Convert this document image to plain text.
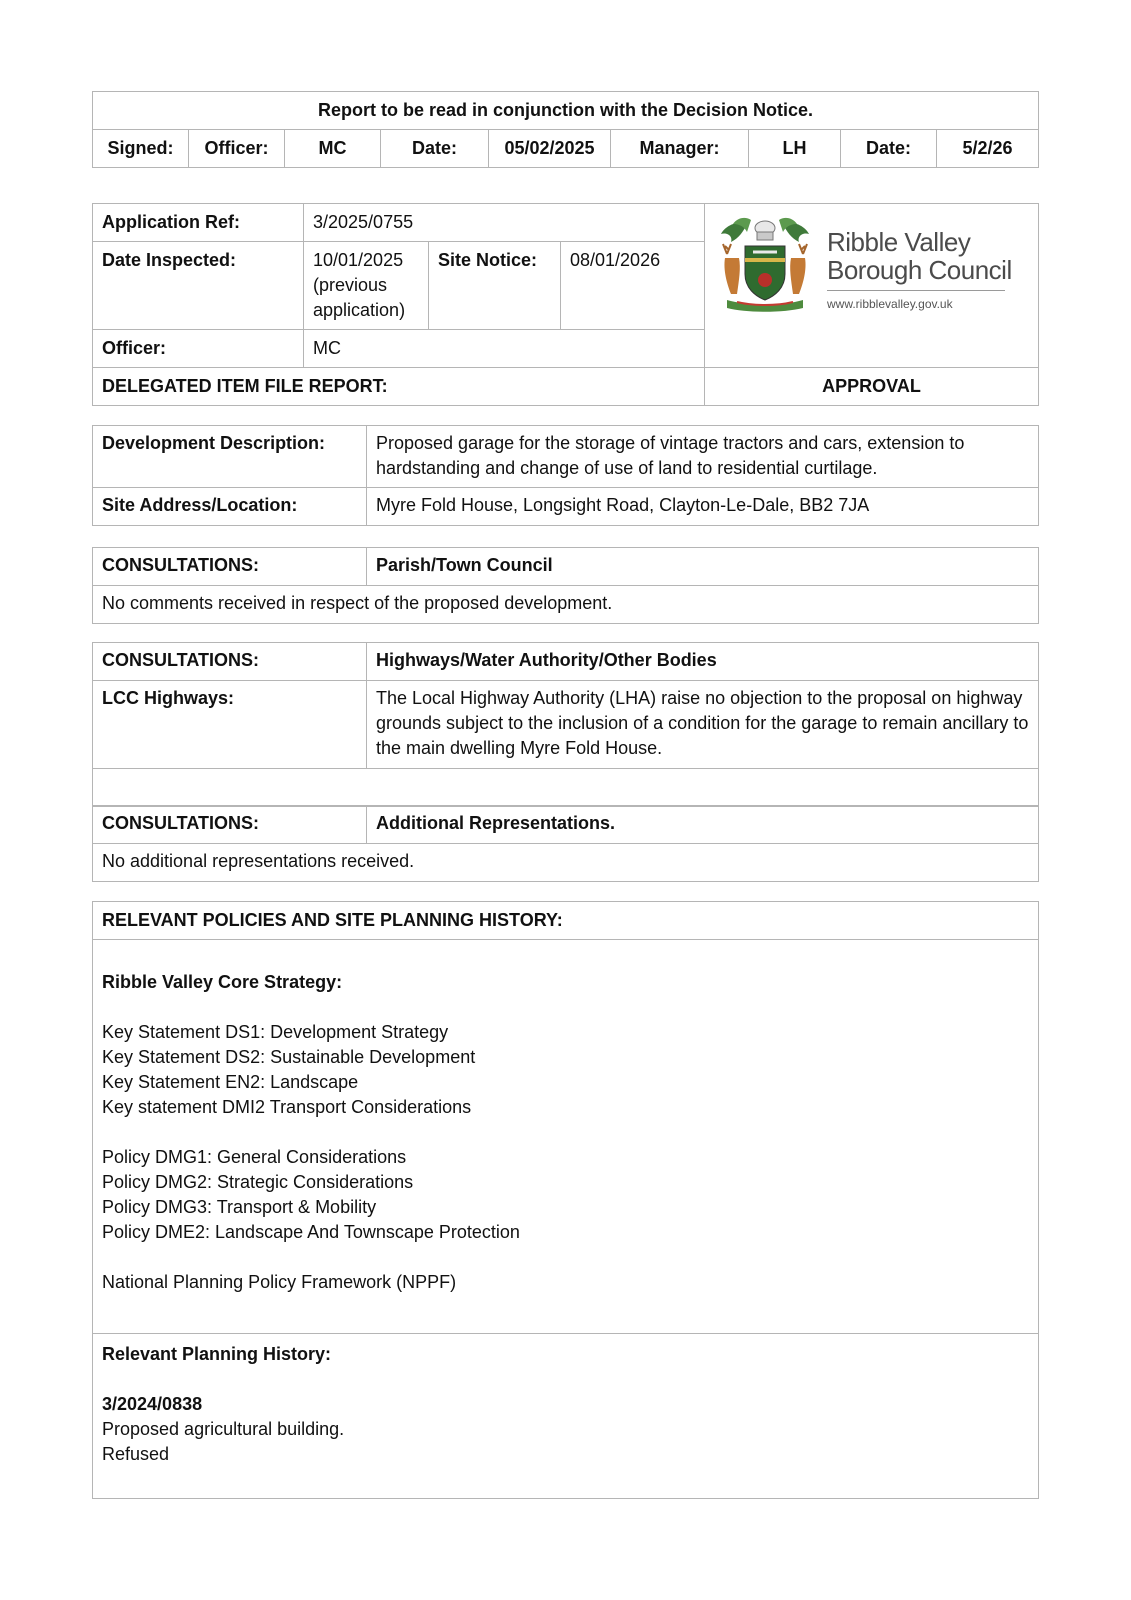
Report to be read in conjunction with the Decision Notice.
Signed:	Officer:	MC	Date:	05/02/2025	Manager:	LH	Date:	5/2/26
Application Ref:	3/2025/0755			Ribble Valley
Borough Council
www.ribblevalley.gov.uk

Date Inspected:	10/01/2025 (previous application)	Site Notice:	08/01/2026	
Officer:	MC			
DELEGATED ITEM FILE REPORT:				APPROVAL
Development Description:	Proposed garage for the storage of vintage tractors and cars, extension to hardstanding and change of use of land to residential curtilage.
Site Address/Location:	Myre Fold House, Longsight Road, Clayton-Le-Dale, BB2 7JA
CONSULTATIONS:	Parish/Town Council
No comments received in respect of the proposed development.
CONSULTATIONS:	Highways/Water Authority/Other Bodies
LCC Highways:	The Local Highway Authority (LHA) raise no objection to the proposal on highway grounds subject to the inclusion of a condition for the garage to remain ancillary to the main dwelling Myre Fold House.

CONSULTATIONS:	Additional Representations.
No additional representations received.
RELEVANT POLICIES AND SITE PLANNING HISTORY:

Ribble Valley Core Strategy:
Key Statement DS1: Development Strategy
Key Statement DS2: Sustainable Development
Key Statement EN2: Landscape
Key statement DMI2 Transport Considerations
Policy DMG1: General Considerations
Policy DMG2: Strategic Considerations
Policy DMG3: Transport & Mobility
Policy DME2: Landscape And Townscape Protection
National Planning Policy Framework (NPPF)

Relevant Planning History:
3/2024/0838
Proposed agricultural building.
Refused
